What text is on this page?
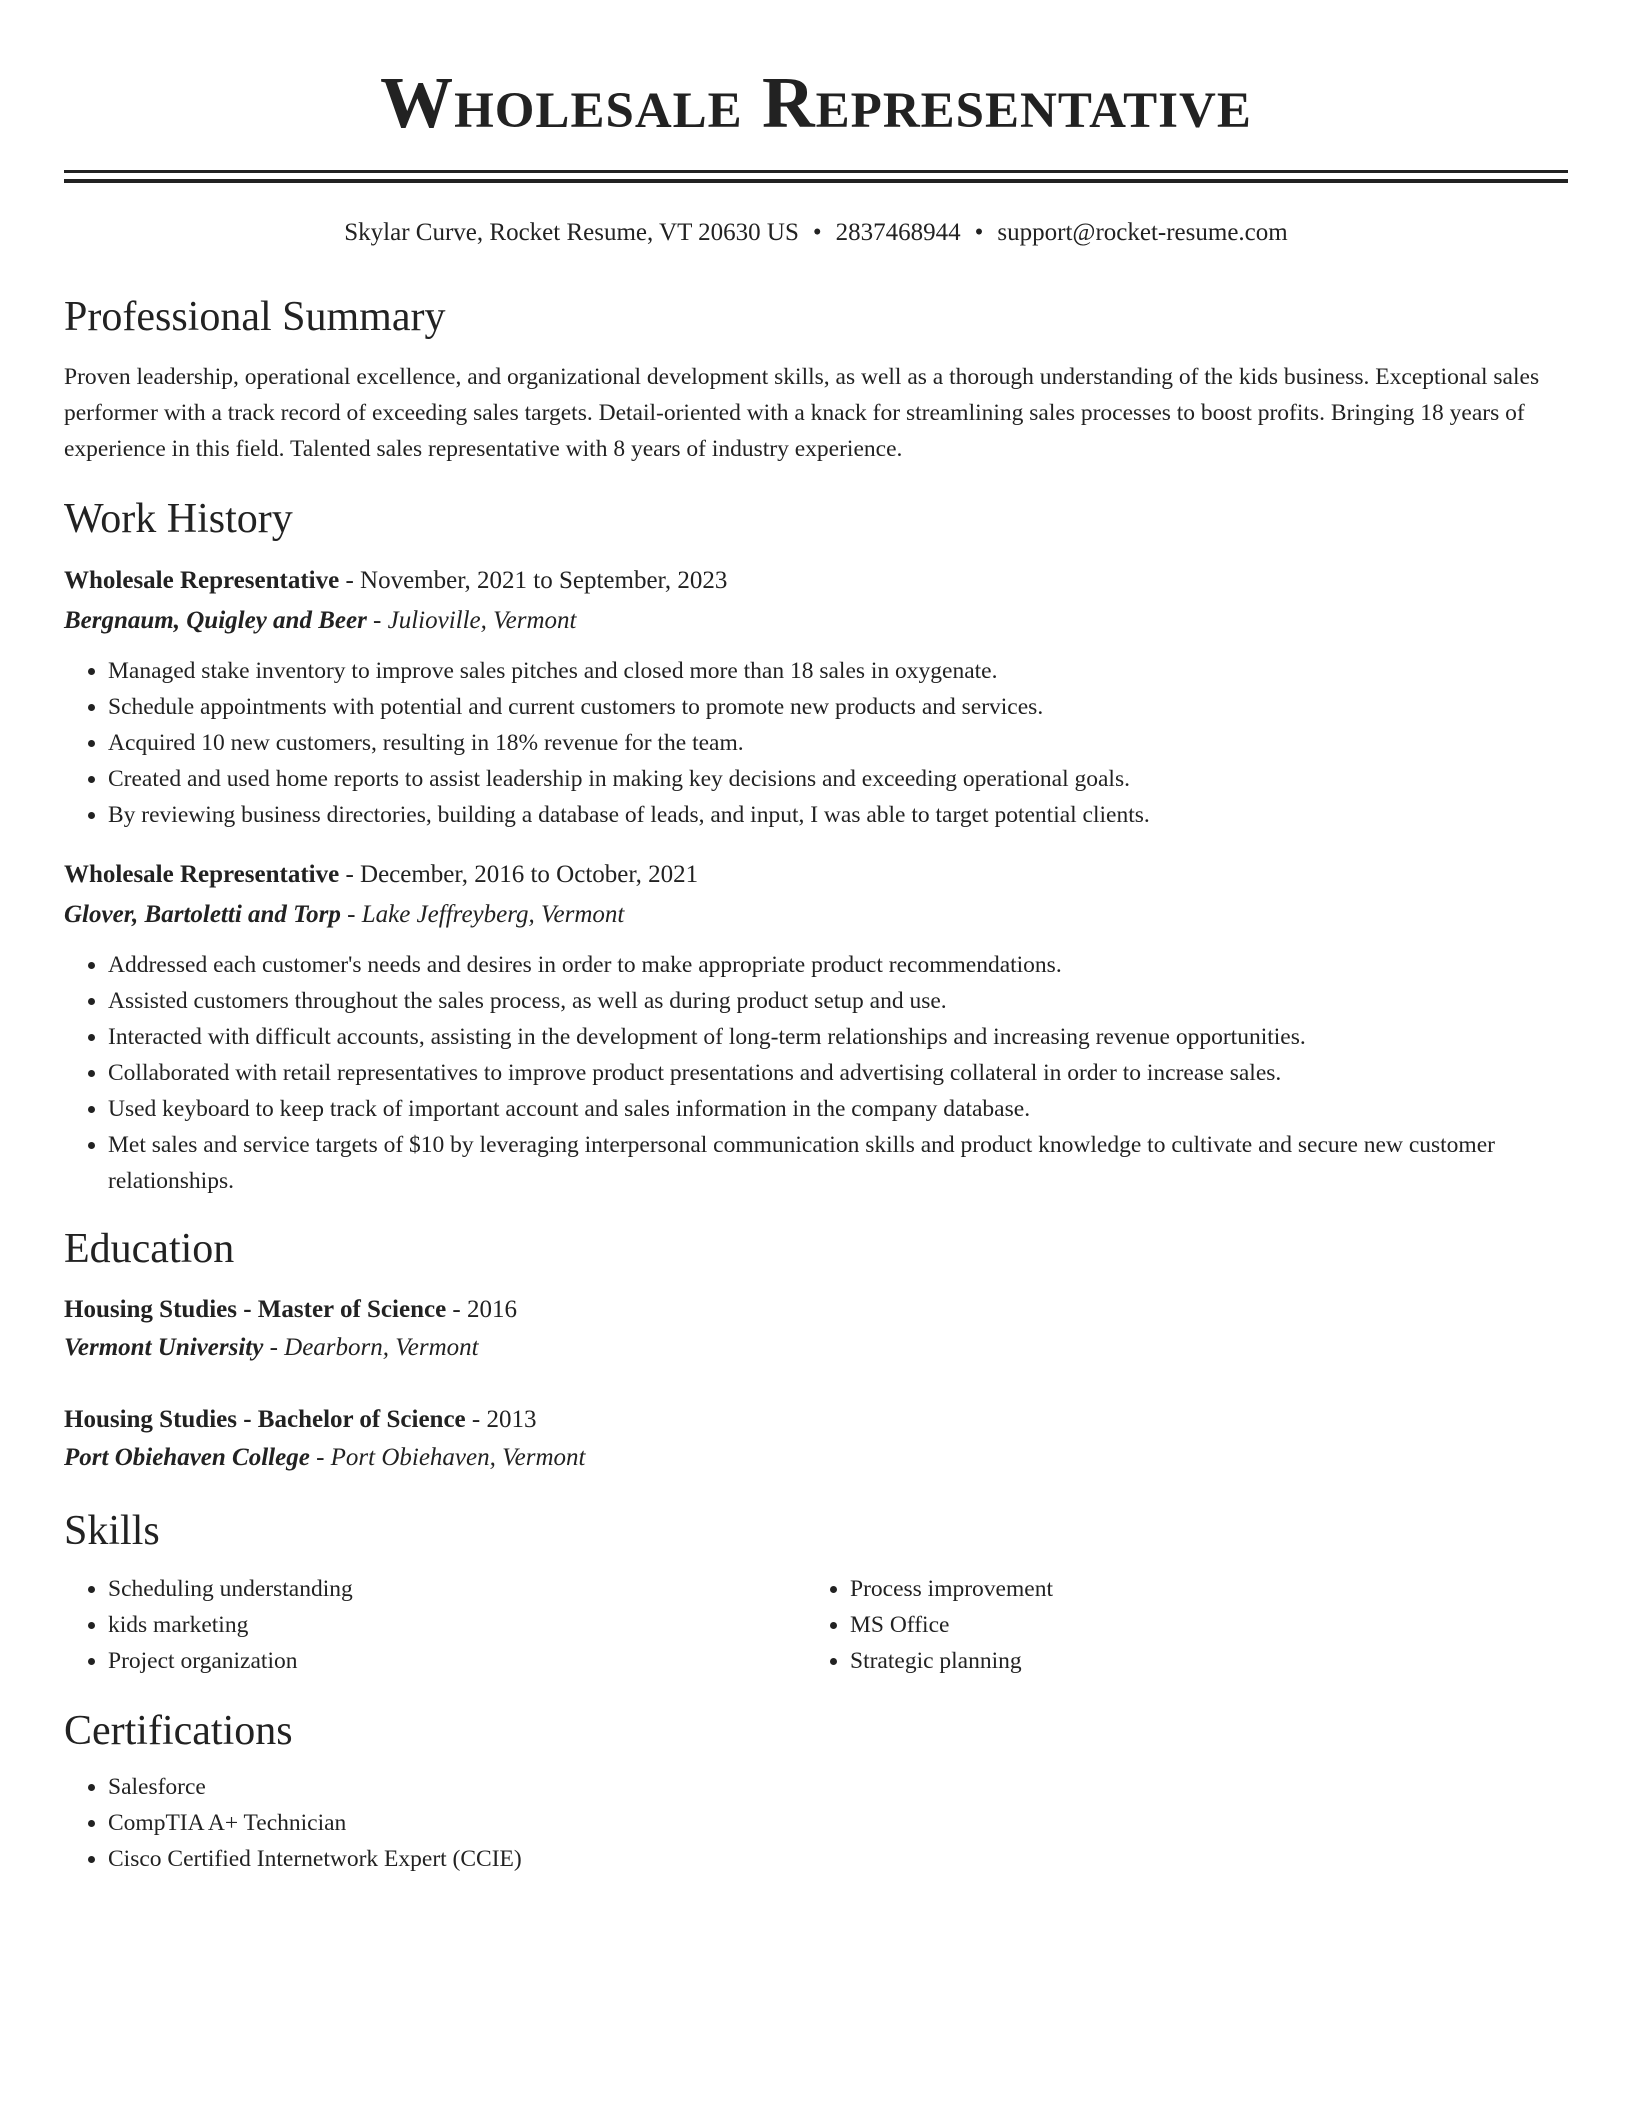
Wholesale Representative
Skylar Curve, Rocket Resume, VT 20630 US • 2837468944 • support@rocket-resume.com
Professional Summary
Proven leadership, operational excellence, and organizational development skills, as well as a thorough understanding of the kids business. Exceptional sales performer with a track record of exceeding sales targets. Detail-oriented with a knack for streamlining sales processes to boost profits. Bringing 18 years of experience in this field. Talented sales representative with 8 years of industry experience.
Work History
Wholesale Representative - November, 2021 to September, 2023
Bergnaum, Quigley and Beer - Julioville, Vermont
• Managed stake inventory to improve sales pitches and closed more than 18 sales in oxygenate.
• Schedule appointments with potential and current customers to promote new products and services.
• Acquired 10 new customers, resulting in 18% revenue for the team.
• Created and used home reports to assist leadership in making key decisions and exceeding operational goals.
• By reviewing business directories, building a database of leads, and input, I was able to target potential clients.
Wholesale Representative - December, 2016 to October, 2021
Glover, Bartoletti and Torp - Lake Jeffreyberg, Vermont
• Addressed each customer's needs and desires in order to make appropriate product recommendations.
• Assisted customers throughout the sales process, as well as during product setup and use.
• Interacted with difficult accounts, assisting in the development of long-term relationships and increasing revenue opportunities.
• Collaborated with retail representatives to improve product presentations and advertising collateral in order to increase sales.
• Used keyboard to keep track of important account and sales information in the company database.
• Met sales and service targets of $10 by leveraging interpersonal communication skills and product knowledge to cultivate and secure new customer relationships.
Education
Housing Studies - Master of Science - 2016
Vermont University - Dearborn, Vermont
Housing Studies - Bachelor of Science - 2013
Port Obiehaven College - Port Obiehaven, Vermont
Skills
• Scheduling understanding
• kids marketing
• Project organization
• Process improvement
• MS Office
• Strategic planning
Certifications
• Salesforce
• CompTIA A+ Technician
• Cisco Certified Internetwork Expert (CCIE)
